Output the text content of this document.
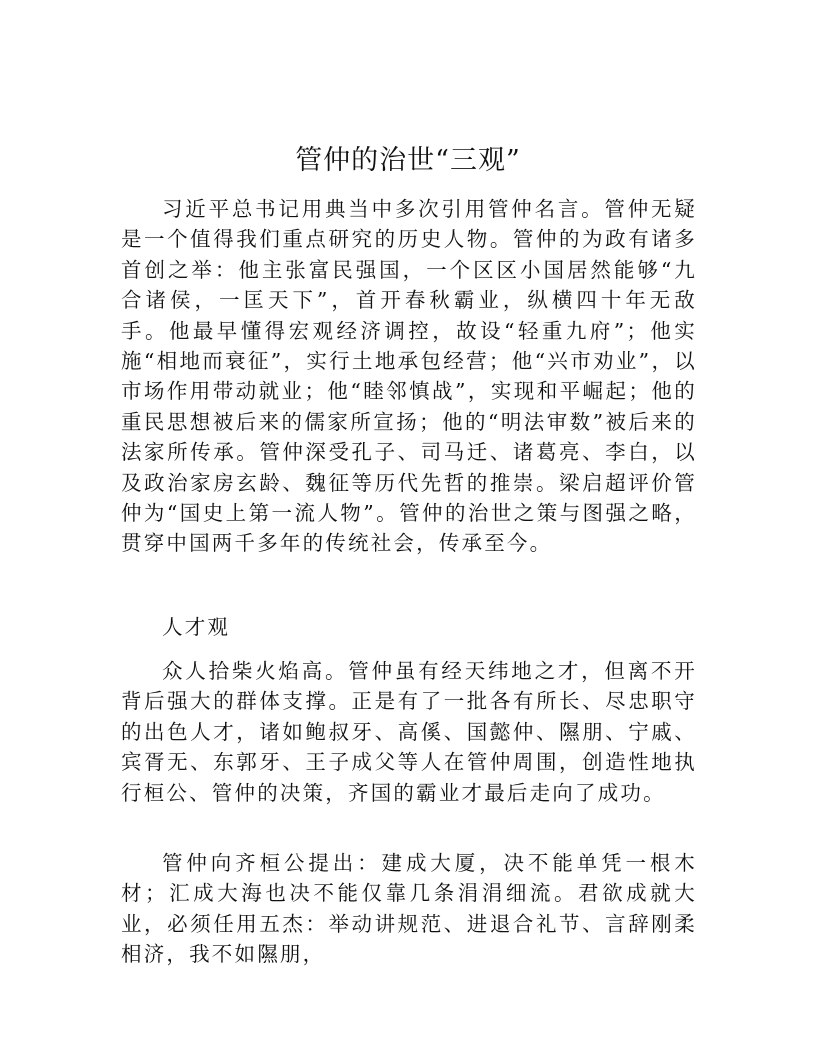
管仲的治世“三观”

习近平总书记用典当中多次引用管仲名言。管仲无疑是一个值得我们重点研究的历史人物。管仲的为政有诸多首创之举：他主张富民强国，一个区区小国居然能够“九合诸侯，一匡天下”，首开春秋霸业，纵横四十年无敌手。他最早懂得宏观经济调控，故设“轻重九府”；他实施“相地而衰征”，实行土地承包经营；他“兴市劝业”，以市场作用带动就业；他“睦邻慎战”，实现和平崛起；他的重民思想被后来的儒家所宣扬；他的“明法审数”被后来的法家所传承。管仲深受孔子、司马迁、诸葛亮、李白，以及政治家房玄龄、魏征等历代先哲的推崇。梁启超评价管仲为“国史上第一流人物”。管仲的治世之策与图强之略，贯穿中国两千多年的传统社会，传承至今。

人才观

众人拾柴火焰高。管仲虽有经天纬地之才，但离不开背后强大的群体支撑。正是有了一批各有所长、尽忠职守的出色人才，诸如鲍叔牙、高傒、国懿仲、隰朋、宁戚、宾胥无、东郭牙、王子成父等人在管仲周围，创造性地执行桓公、管仲的决策，齐国的霸业才最后走向了成功。

管仲向齐桓公提出：建成大厦，决不能单凭一根木材；汇成大海也决不能仅靠几条涓涓细流。君欲成就大业，必须任用五杰：举动讲规范、进退合礼节、言辞刚柔相济，我不如隰朋，
